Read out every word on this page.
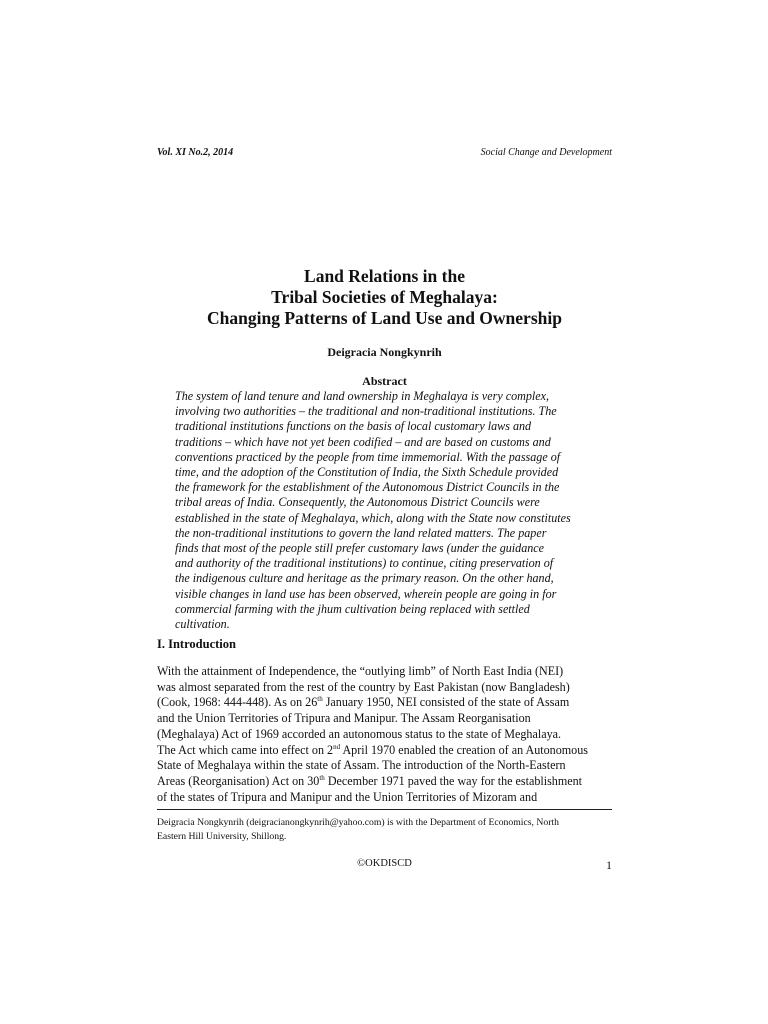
Vol. XI No.2, 2014	Social Change and Development
Land Relations in the
Tribal Societies of Meghalaya:
Changing Patterns of Land Use and Ownership
Deigracia Nongkynrih
Abstract
The system of land tenure and land ownership in Meghalaya is very complex,
involving two authorities – the traditional and non-traditional institutions. The
traditional institutions functions on the basis of local customary laws and
traditions – which have not yet been codified – and are based on customs and
conventions practiced by the people from time immemorial. With the passage of
time, and the adoption of the Constitution of India, the Sixth Schedule provided
the framework for the establishment of the Autonomous District Councils in the
tribal areas of India. Consequently, the Autonomous District Councils were
established in the state of Meghalaya, which, along with the State now constitutes
the non-traditional institutions to govern the land related matters. The paper
finds that most of the people still prefer customary laws (under the guidance
and authority of the traditional institutions) to continue, citing preservation of
the indigenous culture and heritage as the primary reason. On the other hand,
visible changes in land use has been observed, wherein people are going in for
commercial farming with the jhum cultivation being replaced with settled
cultivation.
I. Introduction
With the attainment of Independence, the “outlying limb” of North East India (NEI)
was almost separated from the rest of the country by East Pakistan (now Bangladesh)
(Cook, 1968: 444-448). As on 26th January 1950, NEI consisted of the state of Assam
and the Union Territories of Tripura and Manipur. The Assam Reorganisation
(Meghalaya) Act of 1969 accorded an autonomous status to the state of Meghalaya.
The Act which came into effect on 2nd April 1970 enabled the creation of an Autonomous
State of Meghalaya within the state of Assam. The introduction of the North-Eastern
Areas (Reorganisation) Act on 30th December 1971 paved the way for the establishment
of the states of Tripura and Manipur and the Union Territories of Mizoram and
Deigracia Nongkynrih (deigracianongkynrih@yahoo.com) is with the Department of Economics, North
Eastern Hill University, Shillong.
©OKDISCD	1
